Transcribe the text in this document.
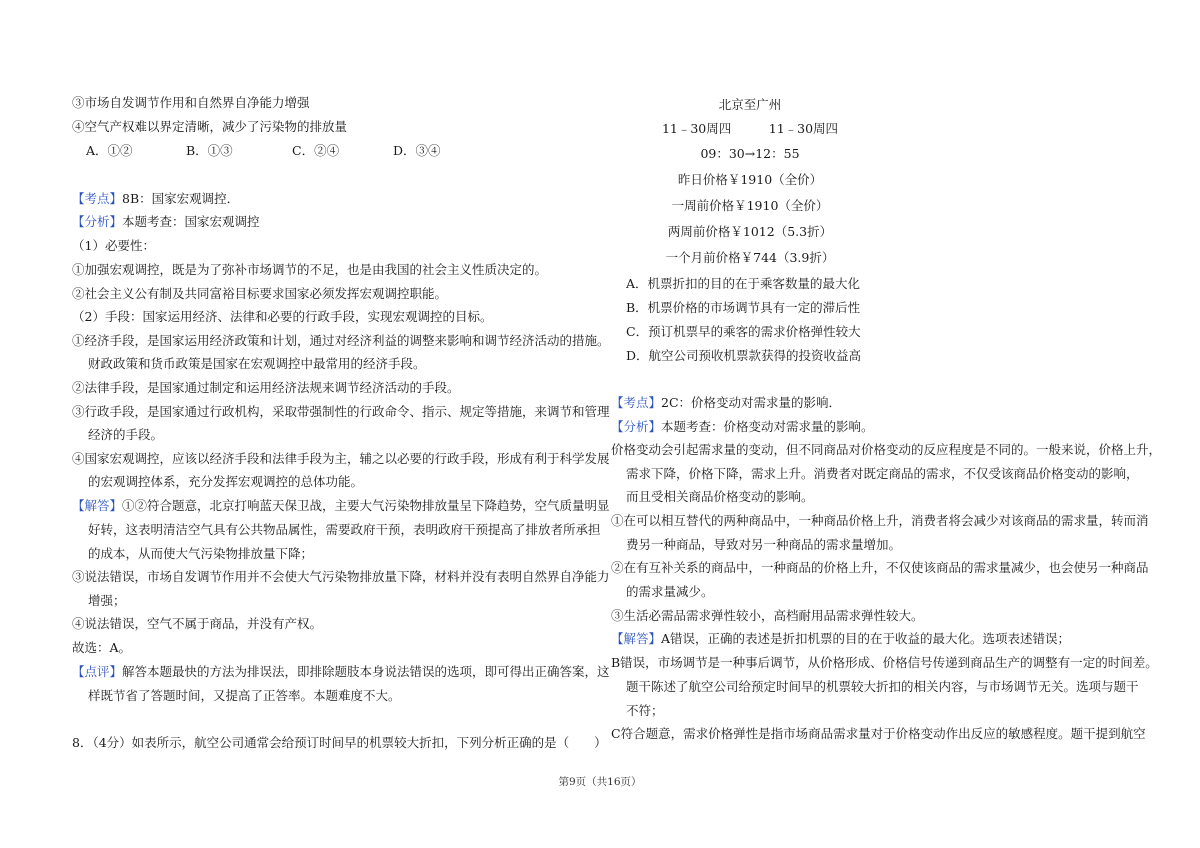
③市场自发调节作用和自然界自净能力增强
④空气产权难以界定清晰，减少了污染物的排放量
A．①②	B．①③	C．②④	D．③④
【考点】8B：国家宏观调控．
【分析】本题考查：国家宏观调控
（1）必要性：
①加强宏观调控，既是为了弥补市场调节的不足，也是由我国的社会主义性质决定的。
②社会主义公有制及共同富裕目标要求国家必须发挥宏观调控职能。
（2）手段：国家运用经济、法律和必要的行政手段，实现宏观调控的目标。
①经济手段，是国家运用经济政策和计划，通过对经济利益的调整来影响和调节经济活动的措施。
财政政策和货币政策是国家在宏观调控中最常用的经济手段。
②法律手段，是国家通过制定和运用经济法规来调节经济活动的手段。
③行政手段，是国家通过行政机构，采取带强制性的行政命令、指示、规定等措施，来调节和管理
经济的手段。
④国家宏观调控，应该以经济手段和法律手段为主，辅之以必要的行政手段，形成有利于科学发展
的宏观调控体系，充分发挥宏观调控的总体功能。
【解答】①②符合题意，北京打响蓝天保卫战，主要大气污染物排放量呈下降趋势，空气质量明显
好转，这表明清洁空气具有公共物品属性，需要政府干预，表明政府干预提高了排放者所承担
的成本，从而使大气污染物排放量下降；
③说法错误，市场自发调节作用并不会使大气污染物排放量下降，材料并没有表明自然界自净能力
增强；
④说法错误，空气不属于商品，并没有产权。
故选：A。
【点评】解答本题最快的方法为排误法，即排除题肢本身说法错误的选项，即可得出正确答案，这
样既节省了答题时间，又提高了正答率。本题难度不大。
8．（4分）如表所示，航空公司通常会给预订时间早的机票较大折扣，下列分析正确的是（　　）
北京至广州
11﹣30周四　　　11﹣30周四
09：30→12：55
昨日价格￥1910（全价）
一周前价格￥1910（全价）
两周前价格￥1012（5.3折）
一个月前价格￥744（3.9折）
A．机票折扣的目的在于乘客数量的最大化
B．机票价格的市场调节具有一定的滞后性
C．预订机票早的乘客的需求价格弹性较大
D．航空公司预收机票款获得的投资收益高
【考点】2C：价格变动对需求量的影响．
【分析】本题考查：价格变动对需求量的影响。
价格变动会引起需求量的变动，但不同商品对价格变动的反应程度是不同的。一般来说，价格上升，
需求下降，价格下降，需求上升。消费者对既定商品的需求，不仅受该商品价格变动的影响，
而且受相关商品价格变动的影响。
①在可以相互替代的两种商品中，一种商品价格上升，消费者将会减少对该商品的需求量，转而消
费另一种商品，导致对另一种商品的需求量增加。
②在有互补关系的商品中，一种商品的价格上升，不仅使该商品的需求量减少，也会使另一种商品
的需求量减少。
③生活必需品需求弹性较小，高档耐用品需求弹性较大。
【解答】A错误，正确的表述是折扣机票的目的在于收益的最大化。选项表述错误；
B错误，市场调节是一种事后调节，从价格形成、价格信号传递到商品生产的调整有一定的时间差。
题干陈述了航空公司给预定时间早的机票较大折扣的相关内容，与市场调节无关。选项与题干
不符；
C符合题意，需求价格弹性是指市场商品需求量对于价格变动作出反应的敏感程度。题干提到航空
第9页（共16页）
